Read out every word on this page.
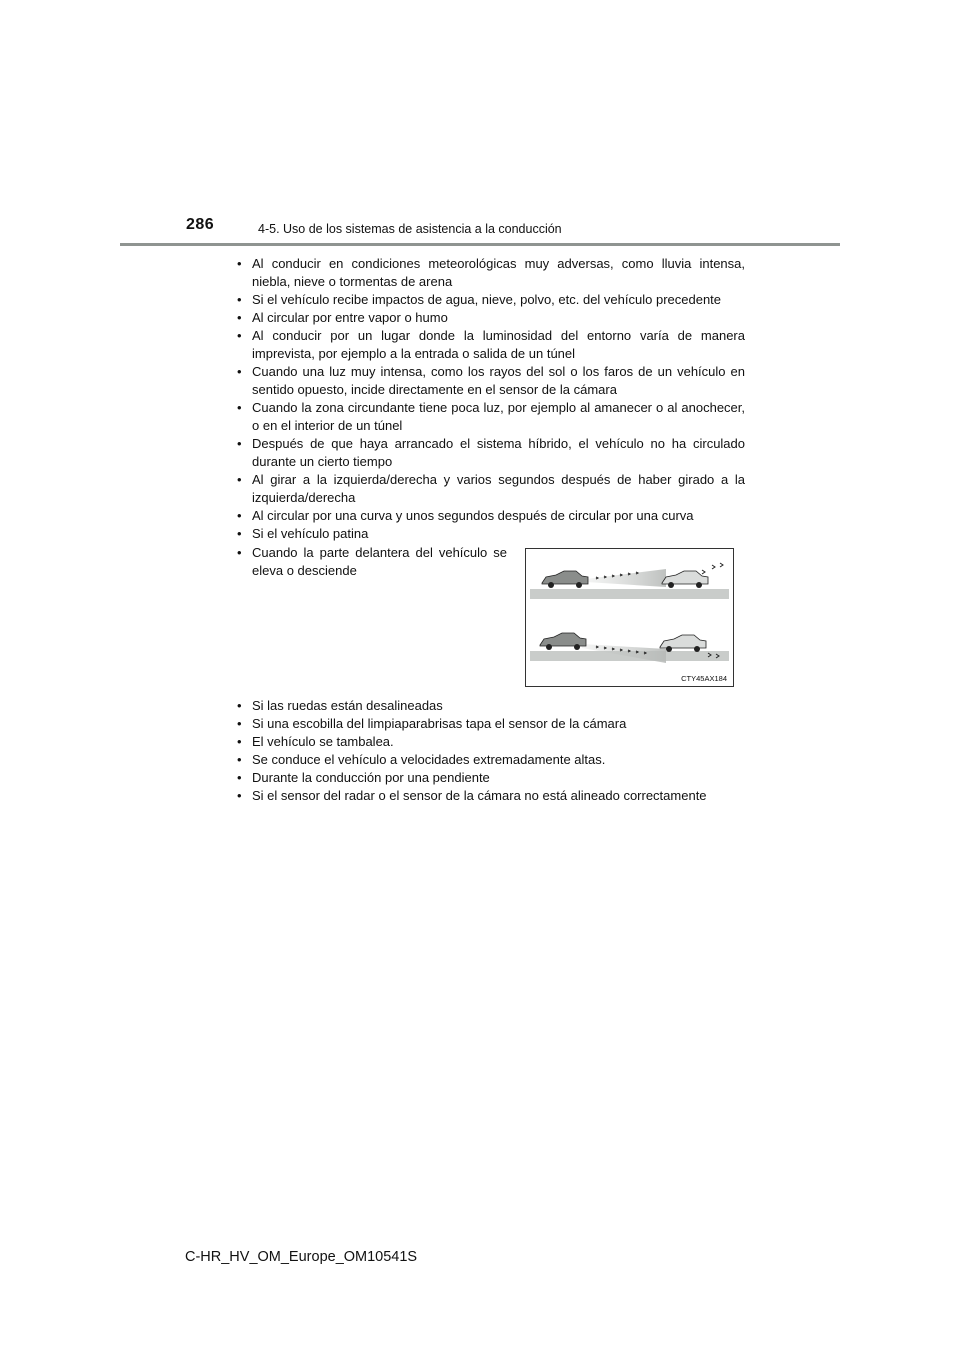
286	4-5. Uso de los sistemas de asistencia a la conducción
• Al conducir en condiciones meteorológicas muy adversas, como lluvia intensa, niebla, nieve o tormentas de arena
• Si el vehículo recibe impactos de agua, nieve, polvo, etc. del vehículo precedente
• Al circular por entre vapor o humo
• Al conducir por un lugar donde la luminosidad del entorno varía de manera imprevista, por ejemplo a la entrada o salida de un túnel
• Cuando una luz muy intensa, como los rayos del sol o los faros de un vehículo en sentido opuesto, incide directamente en el sensor de la cámara
• Cuando la zona circundante tiene poca luz, por ejemplo al amanecer o al anochecer, o en el interior de un túnel
• Después de que haya arrancado el sistema híbrido, el vehículo no ha circulado durante un cierto tiempo
• Al girar a la izquierda/derecha y varios segundos después de haber girado a la izquierda/derecha
• Al circular por una curva y unos segundos después de circular por una curva
• Si el vehículo patina
• Cuando la parte delantera del vehículo se eleva o desciende
CTY45AX184
• Si las ruedas están desalineadas
• Si una escobilla del limpiaparabrisas tapa el sensor de la cámara
• El vehículo se tambalea.
• Se conduce el vehículo a velocidades extremadamente altas.
• Durante la conducción por una pendiente
• Si el sensor del radar o el sensor de la cámara no está alineado correctamente
C-HR_HV_OM_Europe_OM10541S
